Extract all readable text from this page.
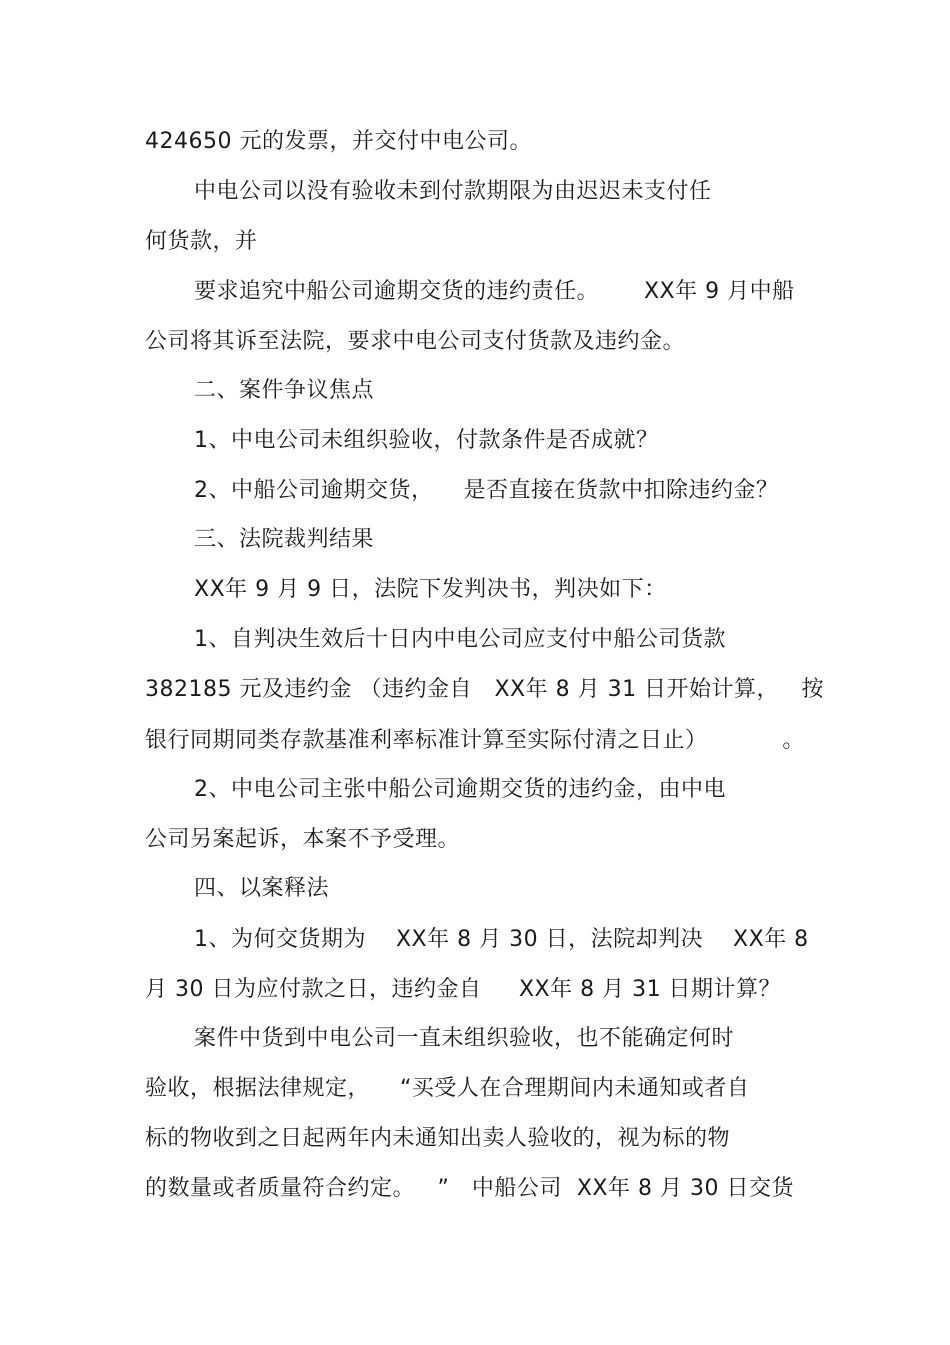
424650 元的发票，并交付中电公司。
中电公司以没有验收未到付款期限为由迟迟未支付任
何货款，并
要求追究中船公司逾期交货的违约责任。      XX年 9 月中船
公司将其诉至法院，要求中电公司支付货款及违约金。
二、案件争议焦点
1、中电公司未组织验收，付款条件是否成就？
2、中船公司逾期交货，    是否直接在货款中扣除违约金？
三、法院裁判结果
XX年 9 月 9 日，法院下发判决书，判决如下：
1、自判决生效后十日内中电公司应支付中船公司货款
382185 元及违约金 （违约金自   XX年 8 月 31 日开始计算，   按
银行同期同类存款基准利率标准计算至实际付清之日止）          。
2、中电公司主张中船公司逾期交货的违约金，由中电
公司另案起诉，本案不予受理。
四、以案释法
1、为何交货期为    XX年 8 月 30 日，法院却判决    XX年 8
月 30 日为应付款之日，违约金自     XX年 8 月 31 日期计算？
案件中货到中电公司一直未组织验收，也不能确定何时
验收，根据法律规定，    “买受人在合理期间内未通知或者自
标的物收到之日起两年内未通知出卖人验收的，视为标的物
的数量或者质量符合约定。   ”   中船公司  XX年 8 月 30 日交货
